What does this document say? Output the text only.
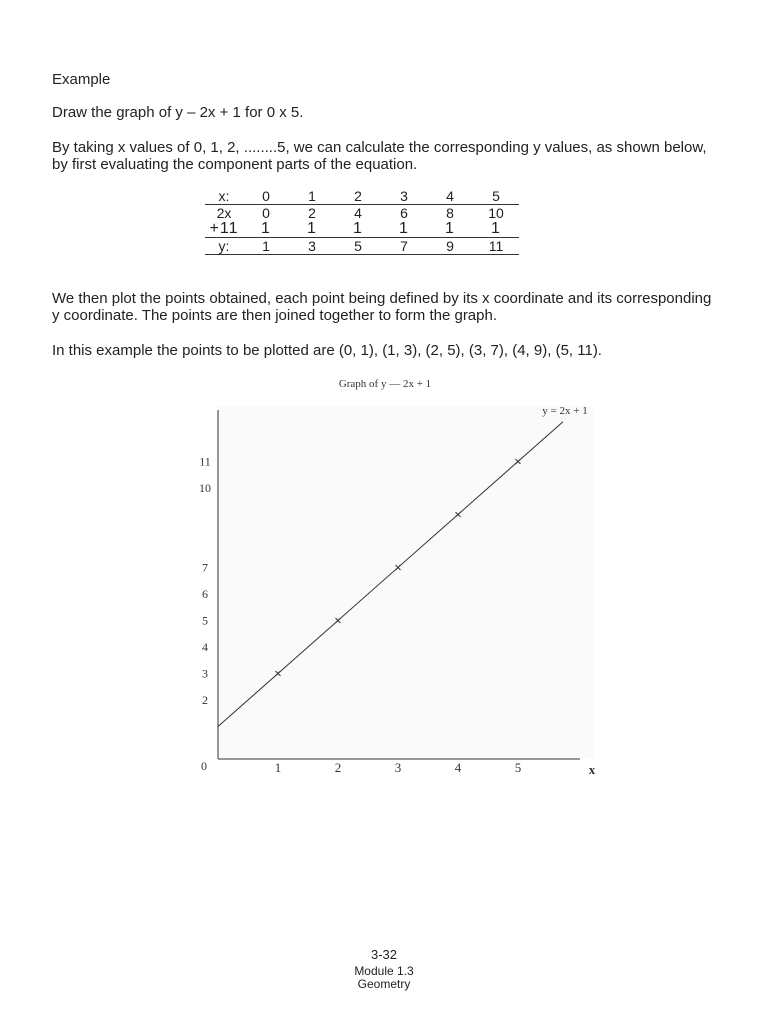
Example

Draw the graph of y – 2x + 1 for 0 x 5.

By taking x values of 0, 1, 2, ........5, we can calculate the corresponding y values, as shown below, by first evaluating the component parts of the equation.

x:	0	1	2	3	4	5
2x	0	2	4	6	8	10
+11	1	1	1	1	1	1
y:	1	3	5	7	9	11

We then plot the points obtained, each point being defined by its x coordinate and its corresponding y coordinate. The points are then joined together to form the graph.

In this example the points to be plotted are (0, 1), (1, 3), (2, 5), (3, 7), (4, 9), (5, 11).

Graph of y — 2x + 1
0	x
1	2	3	4	5
2
3
4
5
6
7
10
11
y = 2x + 1
3-32
Module 1.3
Geometry
